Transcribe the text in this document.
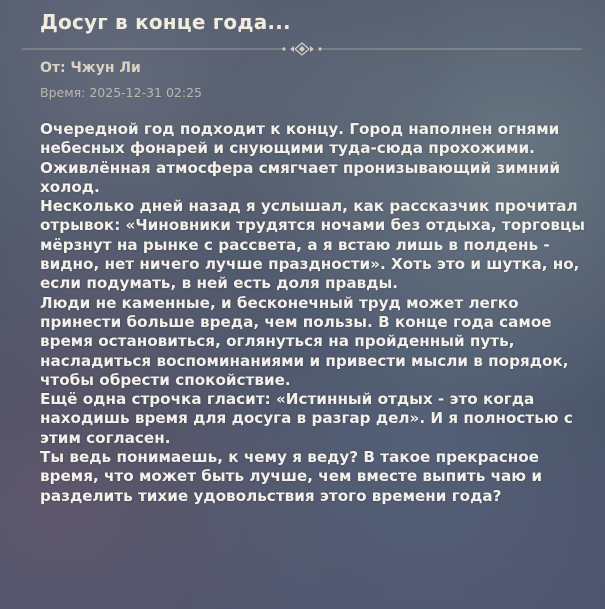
Досуг в конце года...
От: Чжун Ли
Время: 2025-12-31 02:25

Очередной год подходит к концу. Город наполнен огнями небесных фонарей и снующими туда-сюда прохожими. Оживлённая атмосфера смягчает пронизывающий зимний холод.

Несколько дней назад я услышал, как рассказчик прочитал отрывок: «Чиновники трудятся ночами без отдыха, торговцы мёрзнут на рынке с рассвета, а я встаю лишь в полдень - видно, нет ничего лучше праздности». Хоть это и шутка, но, если подумать, в ней есть доля правды.

Люди не каменные, и бесконечный труд может легко принести больше вреда, чем пользы. В конце года самое время остановиться, оглянуться на пройденный путь, насладиться воспоминаниями и привести мысли в порядок, чтобы обрести спокойствие.

Ещё одна строчка гласит: «Истинный отдых - это когда находишь время для досуга в разгар дел». И я полностью с этим согласен.

Ты ведь понимаешь, к чему я веду? В такое прекрасное время, что может быть лучше, чем вместе выпить чаю и разделить тихие удовольствия этого времени года?
